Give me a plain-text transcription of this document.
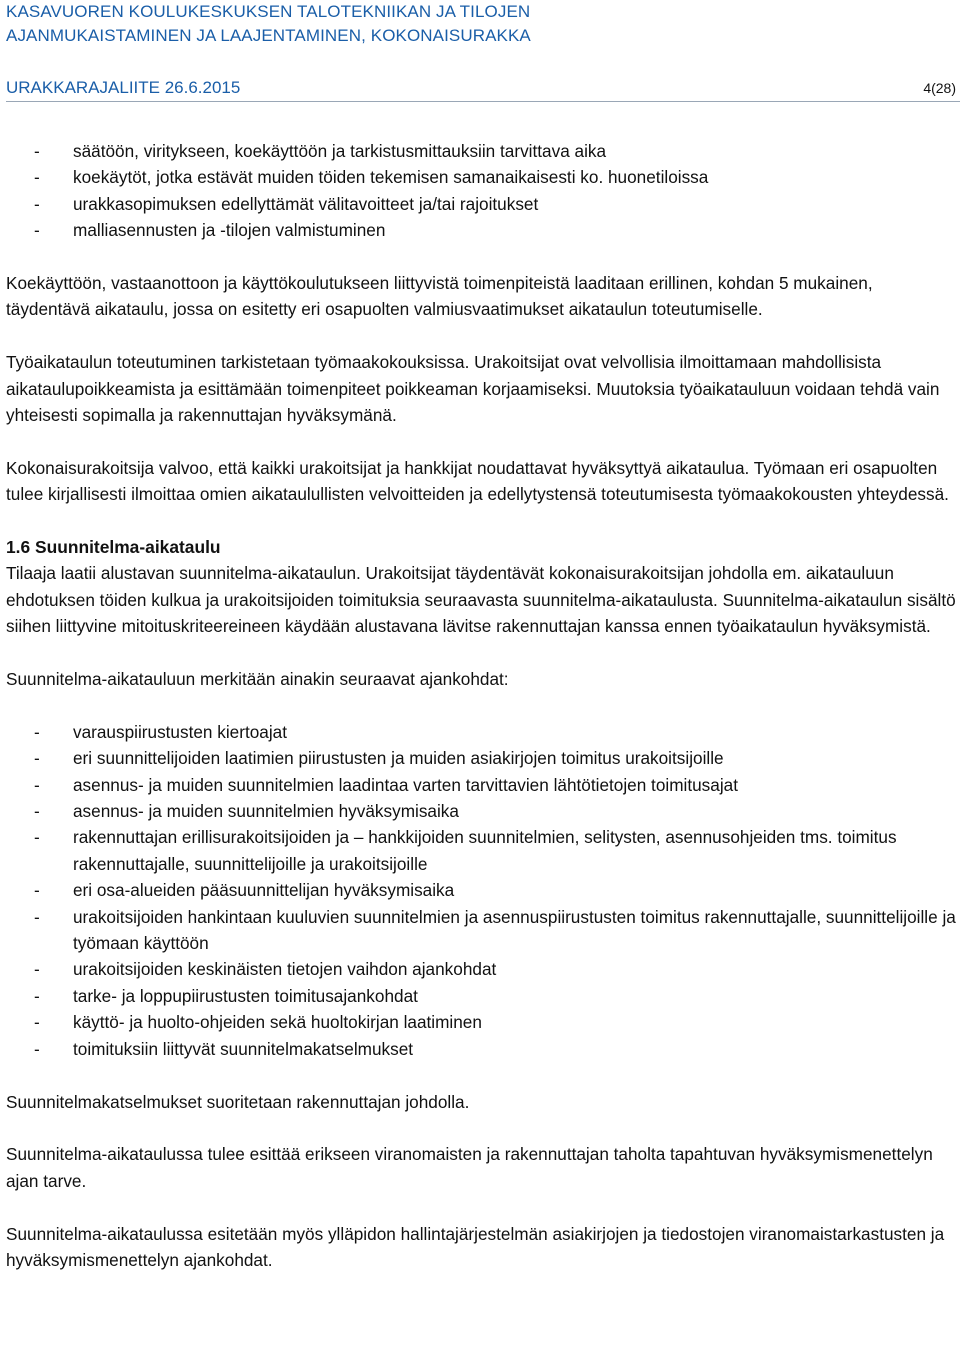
KASAVUOREN KOULUKESKUKSEN TALOTEKNIIKAN JA TILOJEN
AJANMUKAISTAMINEN JA LAAJENTAMINEN, KOKONAISURAKKA
URAKKARAJALIITE 26.6.2015	4(28)
- säätöön, viritykseen, koekäyttöön ja tarkistusmittauksiin tarvittava aika
- koekäytöt, jotka estävät muiden töiden tekemisen samanaikaisesti ko. huonetiloissa
- urakkasopimuksen edellyttämät välitavoitteet ja/tai rajoitukset
- malliasennusten ja -tilojen valmistuminen

Koekäyttöön, vastaanottoon ja käyttökoulutukseen liittyvistä toimenpiteistä laaditaan erillinen, kohdan 5 mukainen, täydentävä aikataulu, jossa on esitetty eri osapuolten valmiusvaatimukset aikataulun toteutumiselle.

Työaikataulun toteutuminen tarkistetaan työmaakokouksissa. Urakoitsijat ovat velvollisia ilmoittamaan mahdollisista aikataulupoikkeamista ja esittämään toimenpiteet poikkeaman korjaamiseksi. Muutoksia työaikatauluun voidaan tehdä vain yhteisesti sopimalla ja rakennuttajan hyväksymänä.

Kokonaisurakoitsija valvoo, että kaikki urakoitsijat ja hankkijat noudattavat hyväksyttyä aikataulua. Työmaan eri osapuolten tulee kirjallisesti ilmoittaa omien aikataulullisten velvoitteiden ja edellytystensä toteutumisesta työmaakokousten yhteydessä.

1.6 Suunnitelma-aikataulu

Tilaaja laatii alustavan suunnitelma-aikataulun. Urakoitsijat täydentävät kokonaisurakoitsijan johdolla em. aikatauluun ehdotuksen töiden kulkua ja urakoitsijoiden toimituksia seuraavasta suunnitelma-aikataulusta. Suunnitelma-aikataulun sisältö siihen liittyvine mitoituskriteereineen käydään alustavana lävitse rakennuttajan kanssa ennen työaikataulun hyväksymistä.

Suunnitelma-aikatauluun merkitään ainakin seuraavat ajankohdat:

- varauspiirustusten kiertoajat
- eri suunnittelijoiden laatimien piirustusten ja muiden asiakirjojen toimitus urakoitsijoille
- asennus- ja muiden suunnitelmien laadintaa varten tarvittavien lähtötietojen toimitusajat
- asennus- ja muiden suunnitelmien hyväksymisaika
- rakennuttajan erillisurakoitsijoiden ja – hankkijoiden suunnitelmien, selitysten, asennusohjeiden tms. toimitus rakennuttajalle, suunnittelijoille ja urakoitsijoille
- eri osa-alueiden pääsuunnittelijan hyväksymisaika
- urakoitsijoiden hankintaan kuuluvien suunnitelmien ja asennuspiirustusten toimitus rakennuttajalle, suunnittelijoille ja työmaan käyttöön
- urakoitsijoiden keskinäisten tietojen vaihdon ajankohdat
- tarke- ja loppupiirustusten toimitusajankohdat
- käyttö- ja huolto-ohjeiden sekä huoltokirjan laatiminen
- toimituksiin liittyvät suunnitelmakatselmukset

Suunnitelmakatselmukset suoritetaan rakennuttajan johdolla.

Suunnitelma-aikataulussa tulee esittää erikseen viranomaisten ja rakennuttajan taholta tapahtuvan hyväksymismenettelyn ajan tarve.

Suunnitelma-aikataulussa esitetään myös ylläpidon hallintajärjestelmän asiakirjojen ja tiedostojen viranomaistarkastusten ja hyväksymismenettelyn ajankohdat.
